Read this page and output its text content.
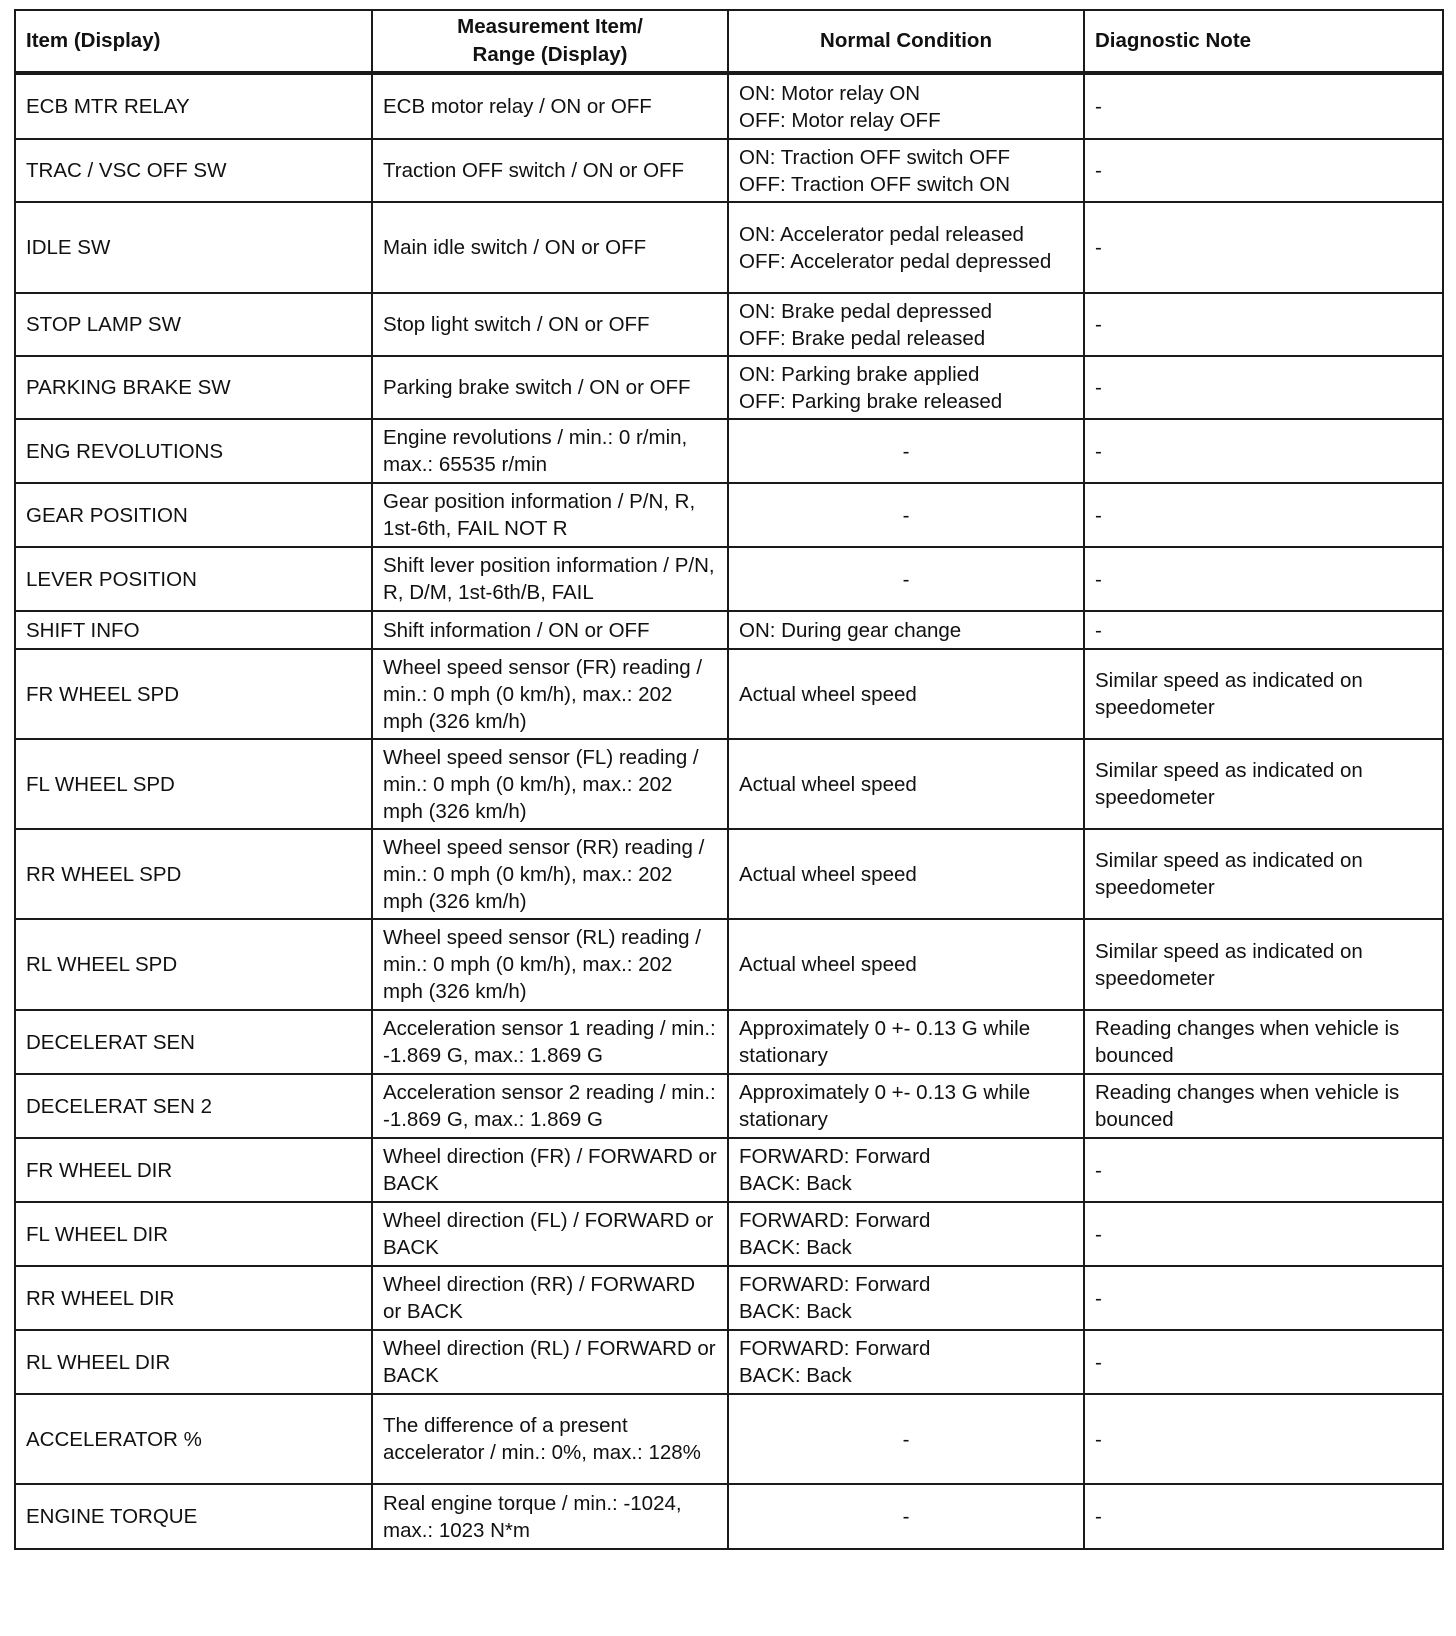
Item (Display)	Measurement Item/
Range (Display)	Normal Condition	Diagnostic Note
ECB MTR RELAY	ECB motor relay / ON or OFF	ON: Motor relay ON
OFF: Motor relay OFF	-
TRAC / VSC OFF SW	Traction OFF switch / ON or OFF	ON: Traction OFF switch OFF
OFF: Traction OFF switch ON	-
IDLE SW	Main idle switch / ON or OFF	ON: Accelerator pedal released
OFF: Accelerator pedal depressed	-
STOP LAMP SW	Stop light switch / ON or OFF	ON: Brake pedal depressed
OFF: Brake pedal released	-
PARKING BRAKE SW	Parking brake switch / ON or OFF	ON: Parking brake applied
OFF: Parking brake released	-
ENG REVOLUTIONS	Engine revolutions / min.: 0 r/min, max.: 65535 r/min	-	-
GEAR POSITION	Gear position information / P/N, R, 1st-6th, FAIL NOT R	-	-
LEVER POSITION	Shift lever position information / P/N, R, D/M, 1st-6th/B, FAIL	-	-
SHIFT INFO	Shift information / ON or OFF	ON: During gear change	-
FR WHEEL SPD	Wheel speed sensor (FR) reading / min.: 0 mph (0 km/h), max.: 202 mph (326 km/h)	Actual wheel speed	Similar speed as indicated on speedometer
FL WHEEL SPD	Wheel speed sensor (FL) reading / min.: 0 mph (0 km/h), max.: 202 mph (326 km/h)	Actual wheel speed	Similar speed as indicated on speedometer
RR WHEEL SPD	Wheel speed sensor (RR) reading / min.: 0 mph (0 km/h), max.: 202 mph (326 km/h)	Actual wheel speed	Similar speed as indicated on speedometer
RL WHEEL SPD	Wheel speed sensor (RL) reading / min.: 0 mph (0 km/h), max.: 202 mph (326 km/h)	Actual wheel speed	Similar speed as indicated on speedometer
DECELERAT SEN	Acceleration sensor 1 reading / min.: -1.869 G, max.: 1.869 G	Approximately 0 +- 0.13 G while stationary	Reading changes when vehicle is bounced
DECELERAT SEN 2	Acceleration sensor 2 reading / min.: -1.869 G, max.: 1.869 G	Approximately 0 +- 0.13 G while stationary	Reading changes when vehicle is bounced
FR WHEEL DIR	Wheel direction (FR) / FORWARD or BACK	FORWARD: Forward
BACK: Back	-
FL WHEEL DIR	Wheel direction (FL) / FORWARD or BACK	FORWARD: Forward
BACK: Back	-
RR WHEEL DIR	Wheel direction (RR) / FORWARD or BACK	FORWARD: Forward
BACK: Back	-
RL WHEEL DIR	Wheel direction (RL) / FORWARD or BACK	FORWARD: Forward
BACK: Back	-
ACCELERATOR %	The difference of a present accelerator / min.: 0%, max.: 128%	-	-
ENGINE TORQUE	Real engine torque / min.: -1024, max.: 1023 N*m	-	-
